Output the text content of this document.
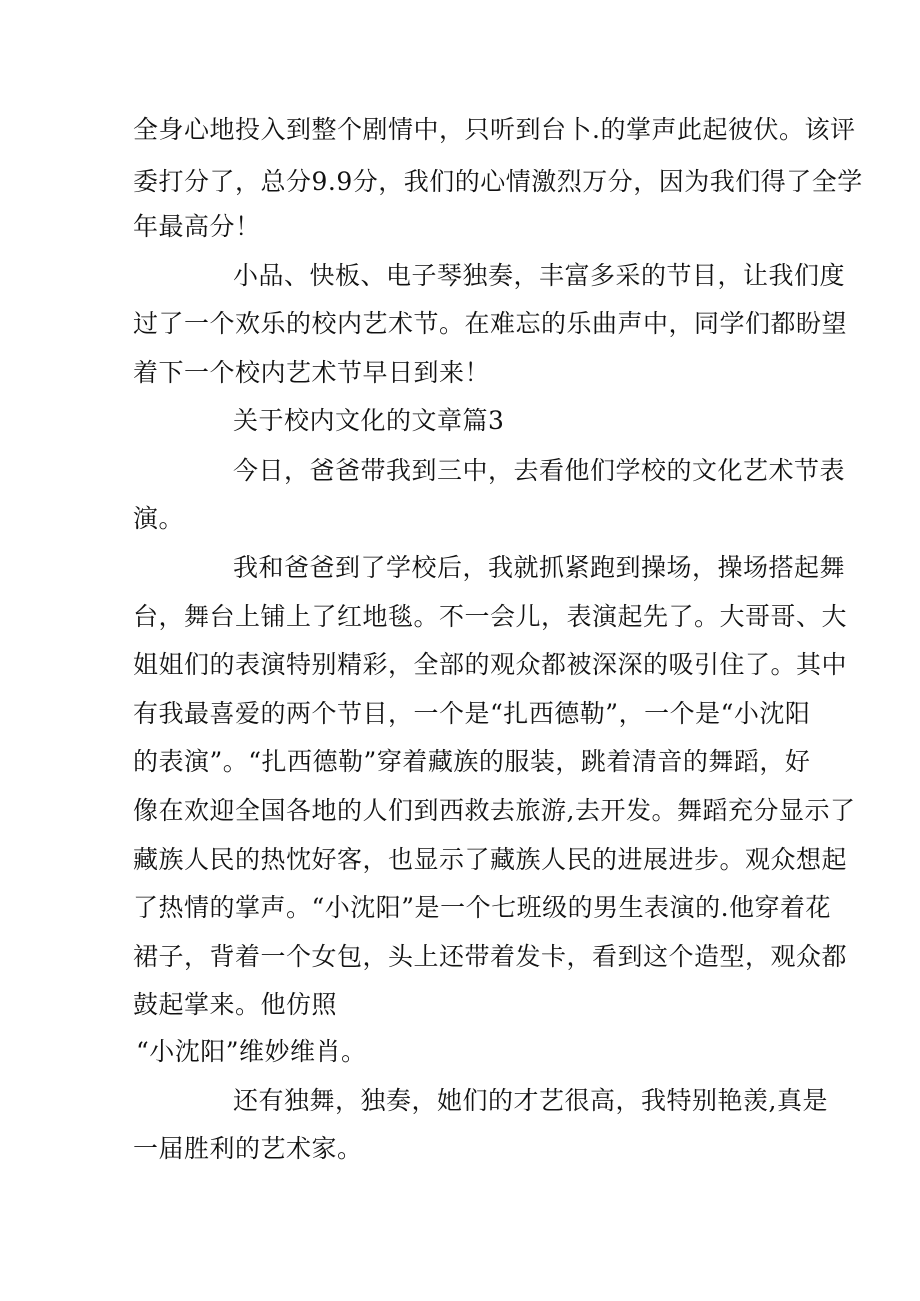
全身心地投入到整个剧情中，只听到台卜.的掌声此起彼伏。该评
委打分了，总分9.9分，我们的心情激烈万分，因为我们得了全学
年最高分！
小品、快板、电子琴独奏，丰富多采的节目，让我们度
过了一个欢乐的校内艺术节。在难忘的乐曲声中，同学们都盼望
着下一个校内艺术节早日到来！
关于校内文化的文章篇3
今日，爸爸带我到三中，去看他们学校的文化艺术节表
演。
我和爸爸到了学校后，我就抓紧跑到操场，操场搭起舞
台，舞台上铺上了红地毯。不一会儿，表演起先了。大哥哥、大
姐姐们的表演特别精彩，全部的观众都被深深的吸引住了。其中
有我最喜爱的两个节目，一个是“扎西德勒”，一个是“小沈阳
的表演”。“扎西德勒”穿着藏族的服装，跳着清音的舞蹈，好
像在欢迎全国各地的人们到西救去旅游,去开发。舞蹈充分显示了
藏族人民的热忱好客，也显示了藏族人民的进展进步。观众想起
了热情的掌声。“小沈阳”是一个七班级的男生表演的.他穿着花
裙子，背着一个女包，头上还带着发卡，看到这个造型，观众都
鼓起掌来。他仿照
“小沈阳”维妙维肖。
还有独舞，独奏，她们的才艺很高，我特别艳羡,真是
一届胜利的艺术家。
